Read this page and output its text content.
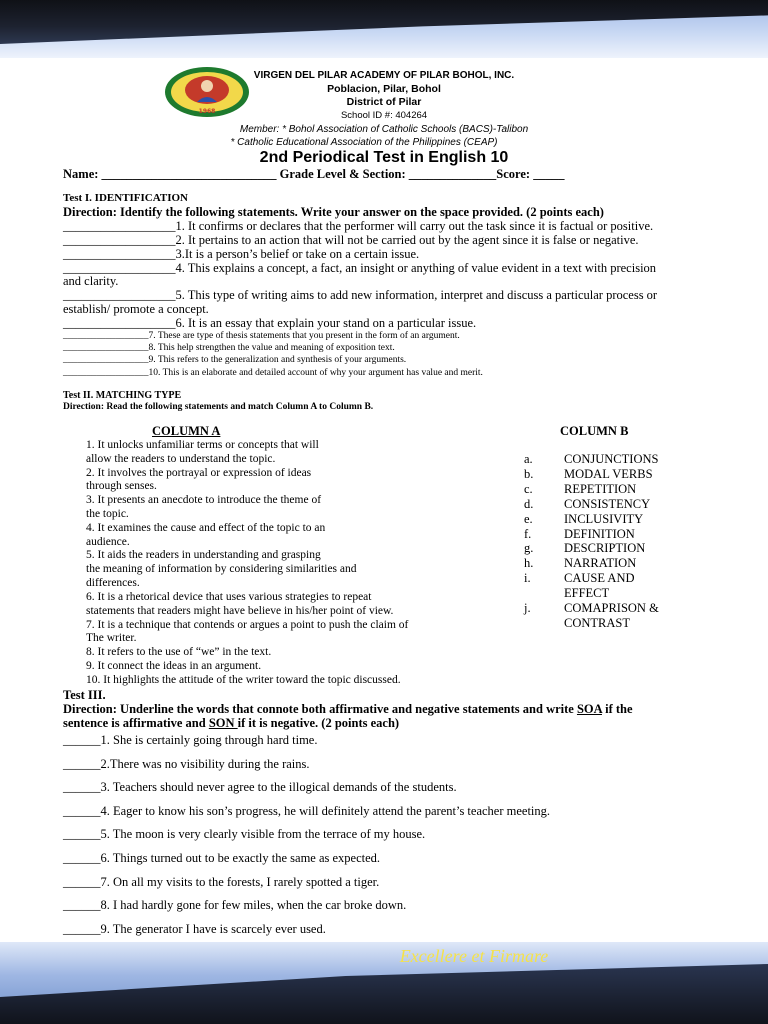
1968
VIRGEN DEL PILAR ACADEMY OF PILAR BOHOL, INC.
Poblacion, Pilar, Bohol
District of Pilar
School ID #: 404264
Member: * Bohol Association of Catholic Schools (BACS)-Talibon
* Catholic Educational Association of the Philippines (CEAP)
2nd Periodical Test in English 10
Name: ____________________________ Grade Level & Section: ______________Score: _____
Test I. IDENTIFICATION
Direction: Identify the following statements. Write your answer on the space provided. (2 points each)
__________________1. It confirms or declares that the performer will carry out the task since it is factual or positive.
__________________2. It pertains to an action that will not be carried out by the agent since it is false or negative.
__________________3.It is a person’s belief or take on a certain issue.
__________________4. This explains a concept, a fact, an insight or anything of value evident in a text with precision
and clarity.
__________________5. This type of writing aims to add new information, interpret and discuss a particular process or
establish/ promote a concept.
__________________6. It is an essay that explain your stand on a particular issue.
__________________7. These are type of thesis statements that you present in the form of an argument.
__________________8. This help strengthen the value and meaning of exposition text.
__________________9. This refers to the generalization and synthesis of your arguments.
__________________10. This is an elaborate and detailed account of why your argument has value and merit.
Test II. MATCHING TYPE
Direction: Read the following statements and match Column A to Column B.
COLUMN A	COLUMN B
1. It unlocks unfamiliar terms or concepts that will
allow the readers to understand the topic.
2. It involves the portrayal or expression of ideas
through senses.
3. It presents an anecdote to introduce the theme of
the topic.
4. It examines the cause and effect of the topic to an
audience.
5. It aids the readers in understanding and grasping
the meaning of information by considering similarities and
differences.
6. It is a rhetorical device that uses various strategies to repeat
statements that readers might have believe in his/her point of view.
7. It is a technique that contends or argues a point to push the claim of
The writer.
8. It refers to the use of “we” in the text.
9. It connect the ideas in an argument.
10. It highlights the attitude of the writer toward the topic discussed.
a.	CONJUNCTIONS
b. MODAL VERBS
c.	REPETITION
d. CONSISTENCY
e.	INCLUSIVITY
f.	DEFINITION
g. DESCRIPTION
h. NARRATION
i.	CAUSE AND
EFFECT
j.	COMAPRISON &
CONTRAST
Test III.
Direction: Underline the words that connote both affirmative and negative statements and write SOA if the
sentence is affirmative and SON if it is negative. (2 points each)
______1. She is certainly going through hard time.
______2.There was no visibility during the rains.
______3. Teachers should never agree to the illogical demands of the students.
______4. Eager to know his son’s progress, he will definitely attend the parent’s teacher meeting.
______5. The moon is very clearly visible from the terrace of my house.
______6. Things turned out to be exactly the same as expected.
______7. On all my visits to the forests, I rarely spotted a tiger.
______8. I had hardly gone for few miles, when the car broke down.
______9. The generator I have is scarcely ever used.
Excellere et Firmare
